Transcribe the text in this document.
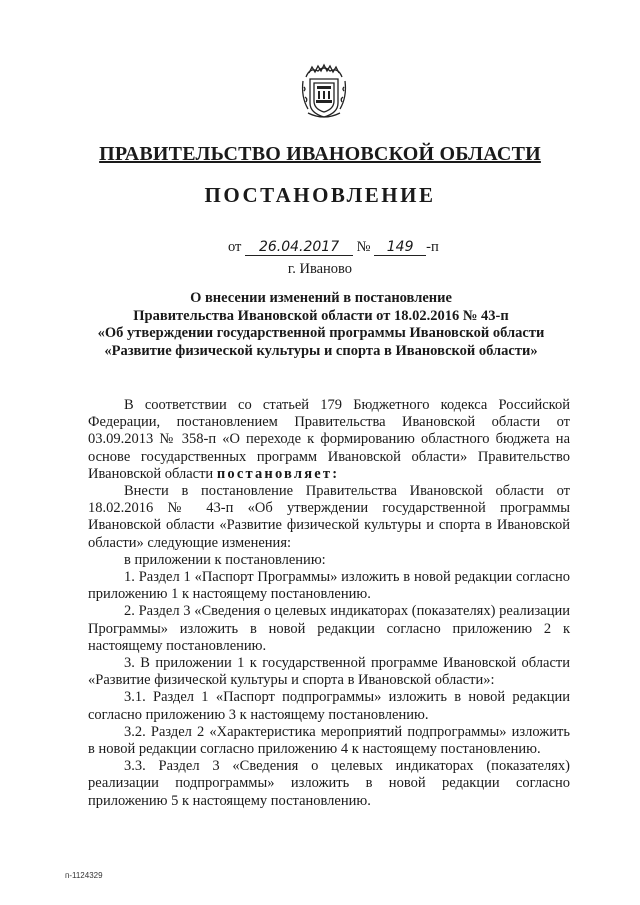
ПРАВИТЕЛЬСТВО ИВАНОВСКОЙ ОБЛАСТИ
ПОСТАНОВЛЕНИЕ
от 26.04.2017 № 149 -п
г. Иваново
О внесении изменений в постановление
Правительства Ивановской области от 18.02.2016 № 43-п
«Об утверждении государственной программы Ивановской области
«Развитие физической культуры и спорта в Ивановской области»

В соответствии со статьей 179 Бюджетного кодекса Российской Федерации, постановлением Правительства Ивановской области от 03.09.2013 № 358-п «О переходе к формированию областного бюджета на основе государственных программ Ивановской области» Правительство Ивановской области постановляет:

Внести в постановление Правительства Ивановской области от 18.02.2016 № 43-п «Об утверждении государственной программы Ивановской области «Развитие физической культуры и спорта в Ивановской области» следующие изменения:

в приложении к постановлению:

1. Раздел 1 «Паспорт Программы» изложить в новой редакции согласно приложению 1 к настоящему постановлению.

2. Раздел 3 «Сведения о целевых индикаторах (показателях) реализации Программы» изложить в новой редакции согласно приложению 2 к настоящему постановлению.

3. В приложении 1 к государственной программе Ивановской области «Развитие физической культуры и спорта в Ивановской области»:

3.1. Раздел 1 «Паспорт подпрограммы» изложить в новой редакции согласно приложению 3 к настоящему постановлению.

3.2. Раздел 2 «Характеристика мероприятий подпрограммы» изложить в новой редакции согласно приложению 4 к настоящему постановлению.

3.3. Раздел 3 «Сведения о целевых индикаторах (показателях) реализации подпрограммы» изложить в новой редакции согласно приложению 5 к настоящему постановлению.

п-1124329
